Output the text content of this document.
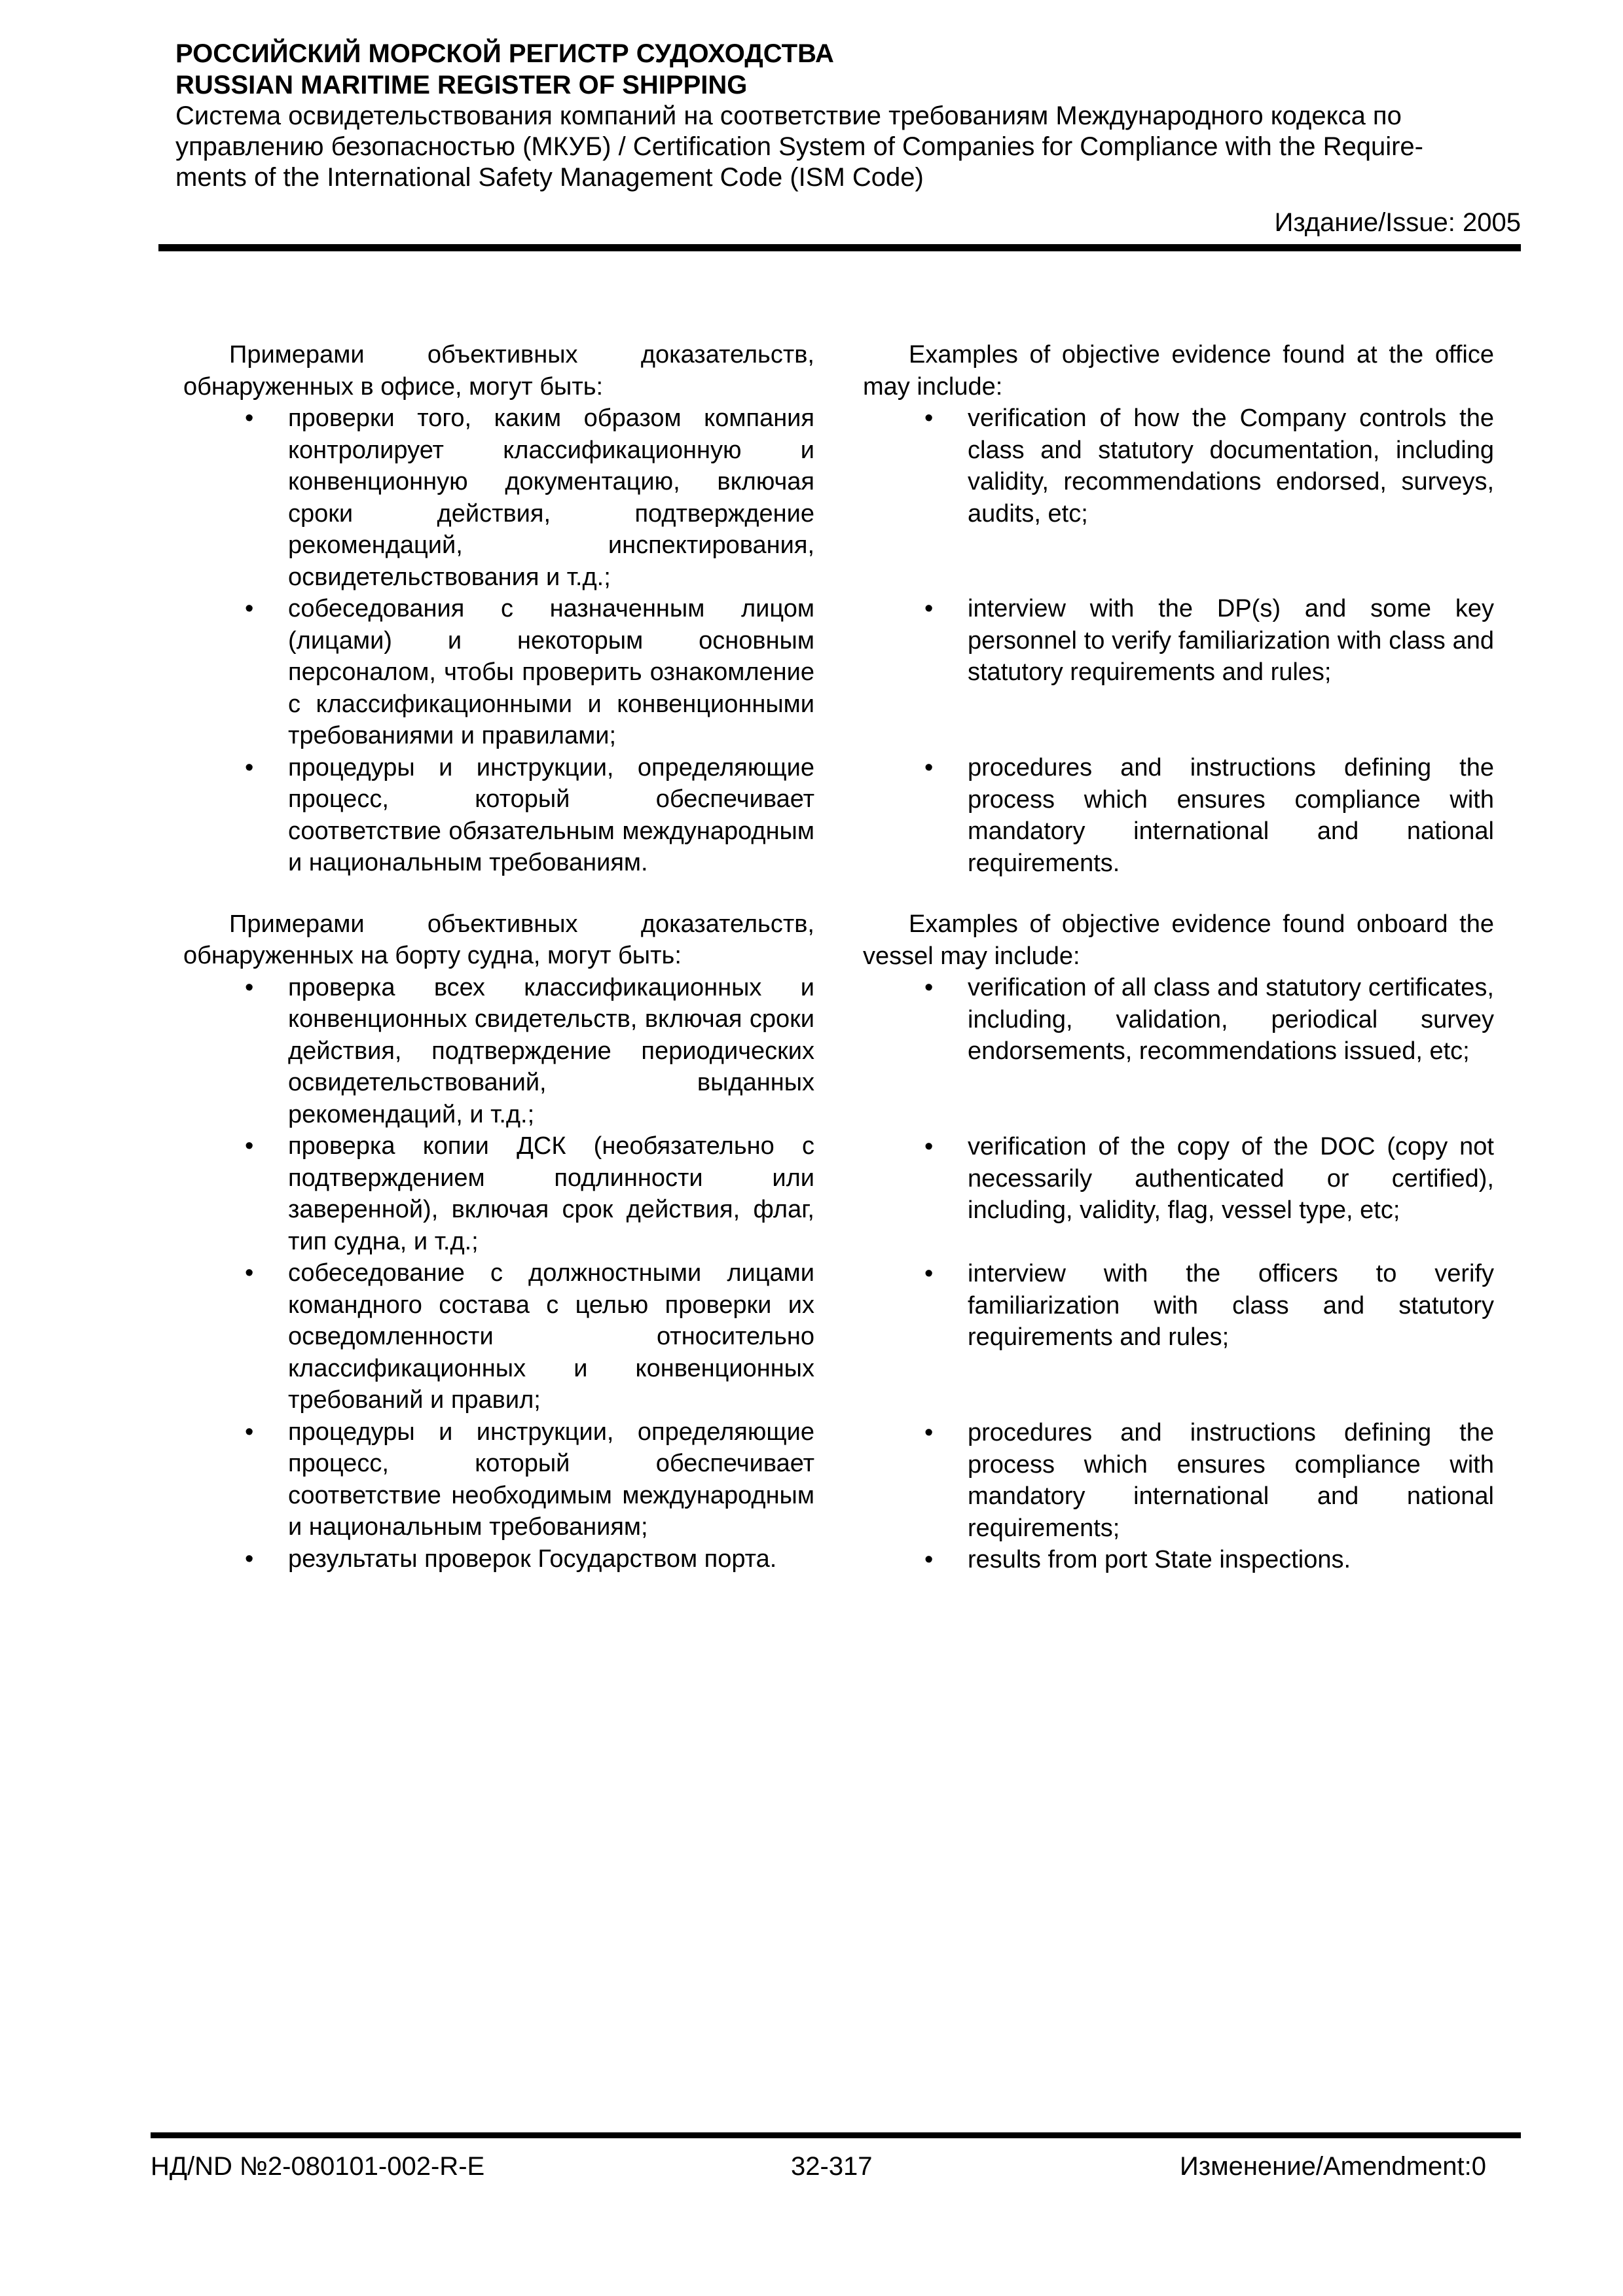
РОССИЙСКИЙ МОРСКОЙ РЕГИСТР СУДОХОДСТВА

RUSSIAN MARITIME REGISTER OF SHIPPING

Система освидетельствования компаний на соответствие требованиям Международного кодекса по

управлению безопасностью (МКУБ) / Certification System of Companies for Compliance with the Require-

ments of the International Safety Management Code (ISM Code)

Издание/Issue: 2005

Примерами объективных доказательств, обнаруженных в офисе, могут быть:

• проверки того, каким образом компания контролирует классификационную и конвенционную документацию, включая сроки действия, подтверждение рекомендаций, инспектирования, освидетельствования и т.д.;
• собеседования с назначенным лицом (лицами) и некоторым основным персоналом, чтобы проверить ознакомление с классификационными и конвенционными требованиями и правилами;
• процедуры и инструкции, определяющие процесс, который обеспечивает соответствие обязательным международным и национальным требованиям.

Примерами объективных доказательств, обнаруженных на борту судна, могут быть:

• проверка всех классификационных и конвенционных свидетельств, включая сроки действия, подтверждение периодических освидетельствований, выданных рекомендаций, и т.д.;
• проверка копии ДСК (необязательно с подтверждением подлинности или заверенной), включая срок действия, флаг, тип судна, и т.д.;
• собеседование с должностными лицами командного состава с целью проверки их осведомленности относительно классификационных и конвенционных требований и правил;
• процедуры и инструкции, определяющие процесс, который обеспечивает соответствие необходимым международным и национальным требованиям;
• результаты проверок Государством порта.

Examples of objective evidence found at the office may include:

• verification of how the Company controls the class and statutory documentation, including validity, recommendations endorsed, surveys, audits, etc;
• interview with the DP(s) and some key personnel to verify familiarization with class and statutory requirements and rules;
• procedures and instructions defining the process which ensures compliance with mandatory international and national requirements.

Examples of objective evidence found onboard the vessel may include:

• verification of all class and statutory certificates, including, validation, periodical survey endorsements, recommendations issued, etc;
• verification of the copy of the DOC (copy not necessarily authenticated or certified), including, validity, flag, vessel type, etc;
• interview with the officers to verify familiarization with class and statutory requirements and rules;
• procedures and instructions defining the process which ensures compliance with mandatory international and national requirements;
• results from port State inspections.
НД/ND №2-080101-002-R-E	32-317	Изменение/Amendment:0
